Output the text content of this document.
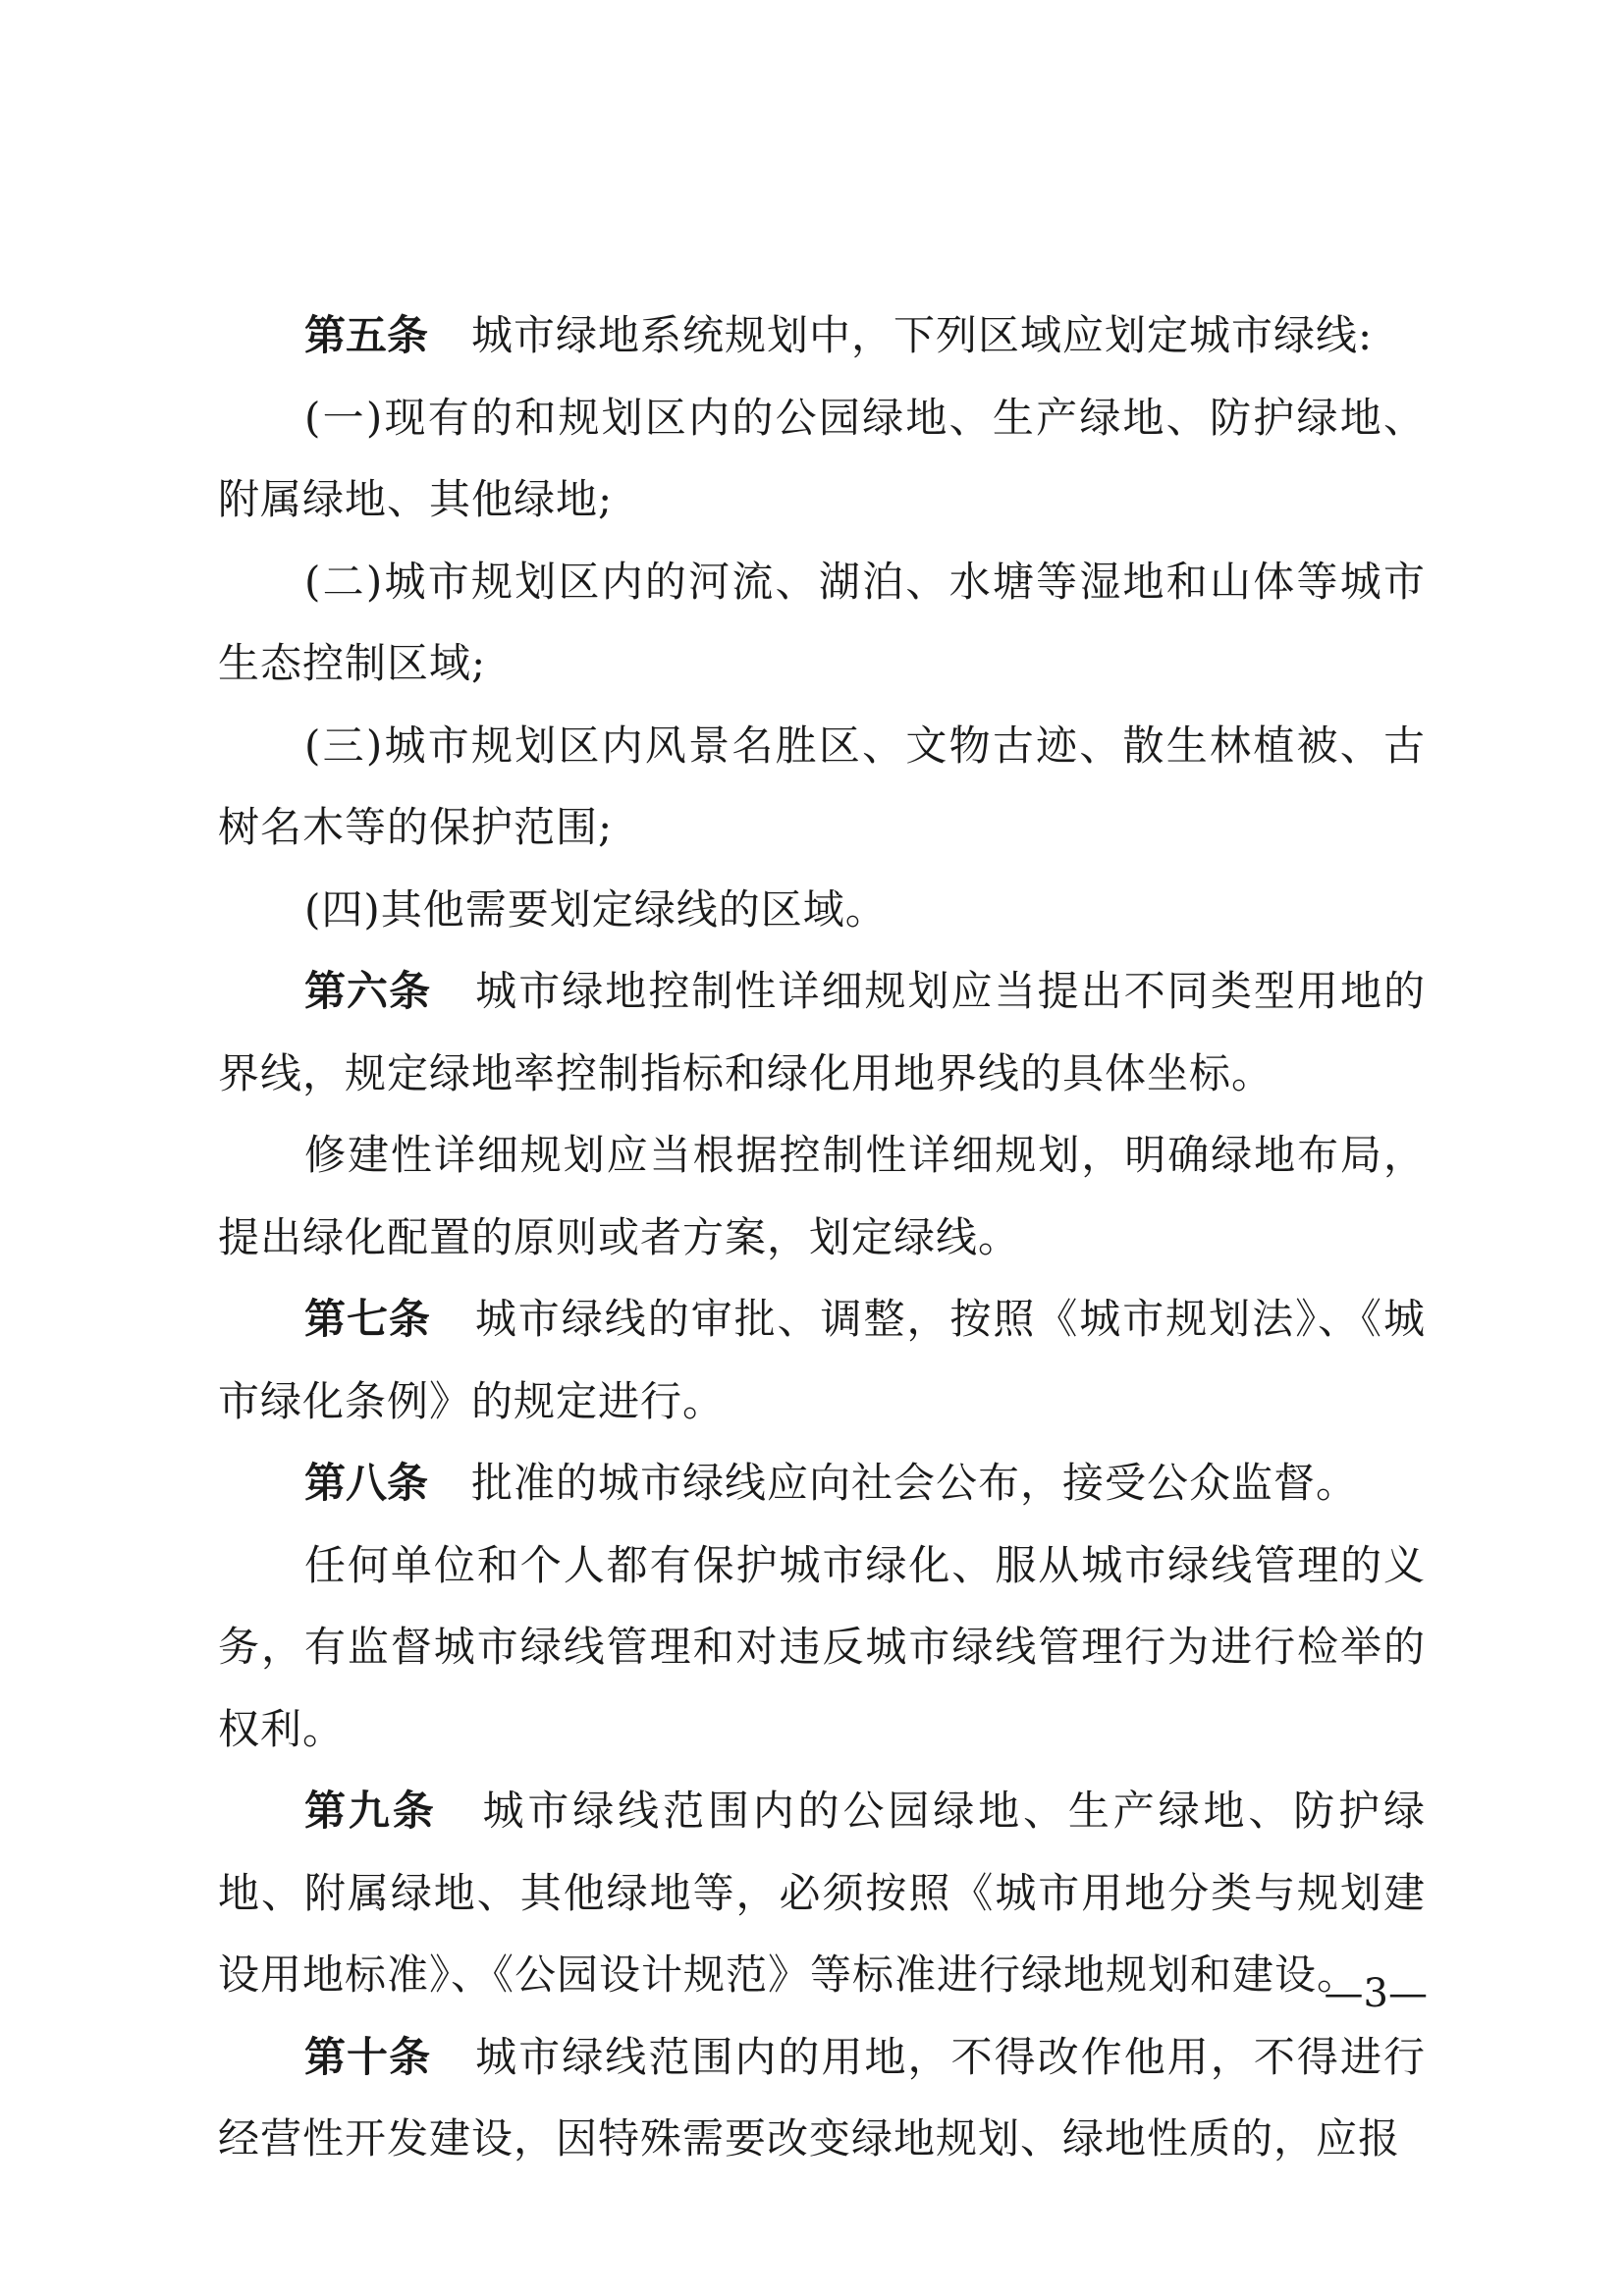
第五条 城市绿地系统规划中，下列区域应划定城市绿线:

(一)现有的和规划区内的公园绿地、生产绿地、防护绿地、附属绿地、其他绿地;

(二)城市规划区内的河流、湖泊、水塘等湿地和山体等城市生态控制区域;

(三)城市规划区内风景名胜区、文物古迹、散生林植被、古树名木等的保护范围;

(四)其他需要划定绿线的区域。

第六条 城市绿地控制性详细规划应当提出不同类型用地的界线，规定绿地率控制指标和绿化用地界线的具体坐标。

修建性详细规划应当根据控制性详细规划，明确绿地布局，提出绿化配置的原则或者方案，划定绿线。

第七条 城市绿线的审批、调整，按照《城市规划法》、《城市绿化条例》的规定进行。

第八条 批准的城市绿线应向社会公布，接受公众监督。

任何单位和个人都有保护城市绿化、服从城市绿线管理的义务，有监督城市绿线管理和对违反城市绿线管理行为进行检举的权利。

第九条 城市绿线范围内的公园绿地、生产绿地、防护绿地、附属绿地、其他绿地等，必须按照《城市用地分类与规划建设用地标准》、《公园设计规范》等标准进行绿地规划和建设。

第十条 城市绿线范围内的用地，不得改作他用，不得进行经营性开发建设，因特殊需要改变绿地规划、绿地性质的，应报

—3—
